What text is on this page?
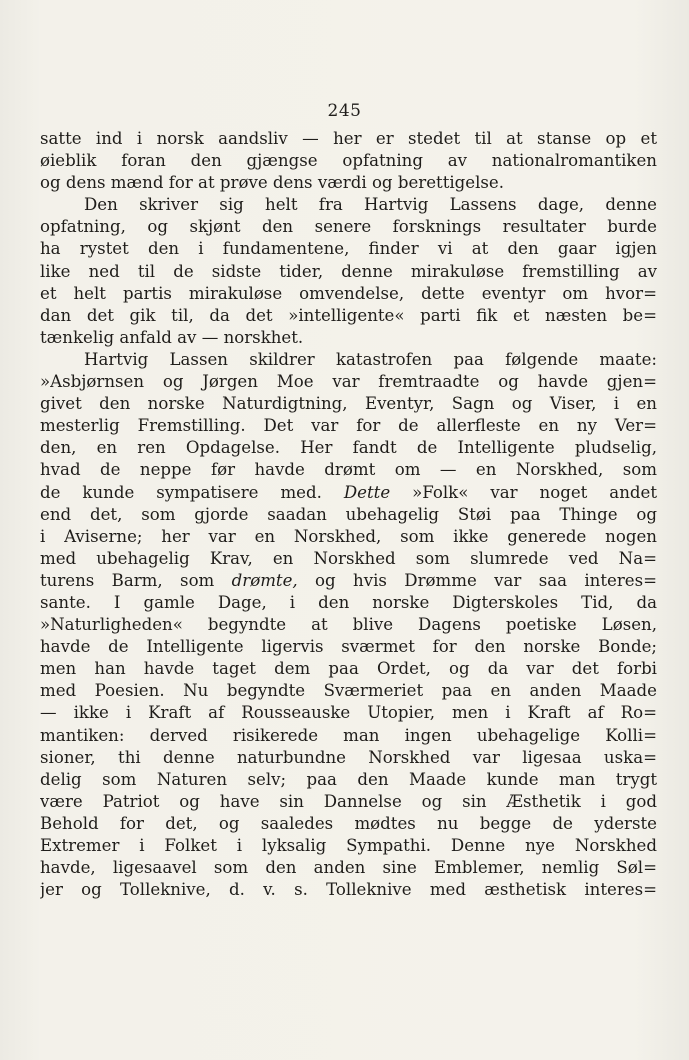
245
satte ind i norsk aandsliv — her er stedet til at stanse op et
øieblik foran den gjængse opfatning av nationalromantiken
og dens mænd for at prøve dens værdi og berettigelse.
Den skriver sig helt fra Hartvig Lassens dage, denne
opfatning, og skjønt den senere forsknings resultater burde
ha rystet den i fundamentene, finder vi at den gaar igjen
like ned til de sidste tider, denne mirakuløse fremstilling av
et helt partis mirakuløse omvendelse, dette eventyr om hvor=
dan det gik til, da det »intelligente« parti fik et næsten be=
tænkelig anfald av — norskhet.
Hartvig Lassen skildrer katastrofen paa følgende maate:
»Asbjørnsen og Jørgen Moe var fremtraadte og havde gjen=
givet den norske Naturdigtning, Eventyr, Sagn og Viser, i en
mesterlig Fremstilling. Det var for de allerfleste en ny Ver=
den, en ren Opdagelse. Her fandt de Intelligente pludselig,
hvad de neppe før havde drømt om — en Norskhed, som
de kunde sympatisere med. Dette »Folk« var noget andet
end det, som gjorde saadan ubehagelig Støi paa Thinge og
i Aviserne; her var en Norskhed, som ikke generede nogen
med ubehagelig Krav, en Norskhed som slumrede ved Na=
turens Barm, som drømte, og hvis Drømme var saa interes=
sante. I gamle Dage, i den norske Digterskoles Tid, da
»Naturligheden« begyndte at blive Dagens poetiske Løsen,
havde de Intelligente ligervis sværmet for den norske Bonde;
men han havde taget dem paa Ordet, og da var det forbi
med Poesien. Nu begyndte Sværmeriet paa en anden Maade
— ikke i Kraft af Rousseauske Utopier, men i Kraft af Ro=
mantiken: derved risikerede man ingen ubehagelige Kolli=
sioner, thi denne naturbundne Norskhed var ligesaa uska=
delig som Naturen selv; paa den Maade kunde man trygt
være Patriot og have sin Dannelse og sin Æsthetik i god
Behold for det, og saaledes mødtes nu begge de yderste
Extremer i Folket i lyksalig Sympathi. Denne nye Norskhed
havde, ligesaavel som den anden sine Emblemer, nemlig Søl=
jer og Tolleknive, d. v. s. Tolleknive med æsthetisk interes=
